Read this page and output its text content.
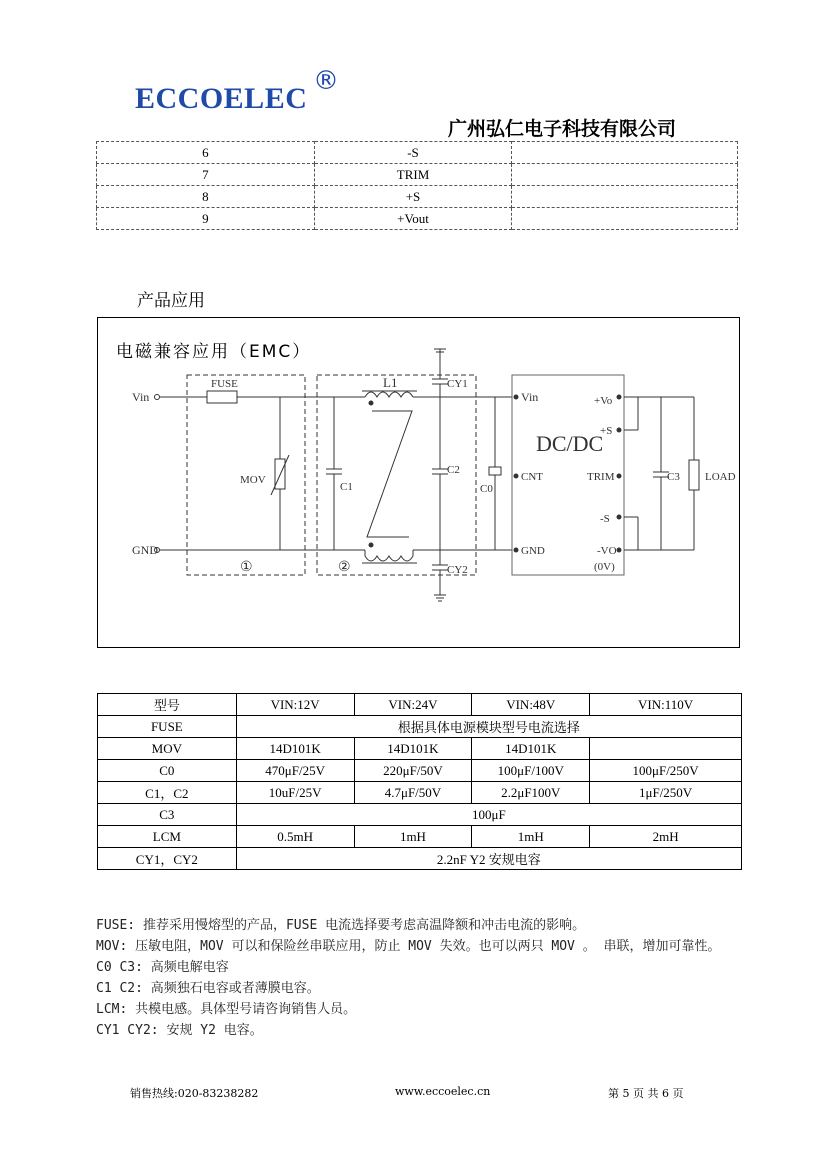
ECCOELEC
®
广州弘仁电子科技有限公司
6	-S	
7	TRIM	
8	+S	
9	+Vout	
产品应用
电磁兼容应用（EMC）
Vin
GND
FUSE
MOV
C1
L1	CY1
C2
CY2
C0
①	②
DC/DC
Vin
CNT
GND
+Vo
+S
TRIM
-S
-VO
(0V)
C3 LOAD
型号	VIN:12V	VIN:24V	VIN:48V	VIN:110V
FUSE	根据具体电源模块型号电流选择			
MOV	14D101K	14D101K	14D101K	
C0	470μF/25V	220μF/50V	100μF/100V	100μF/250V
C1，C2	10uF/25V	4.7μF/50V	2.2μF100V	1μF/250V
C3	100μF			
LCM	0.5mH	1mH	1mH	2mH
CY1，CY2	2.2nF Y2 安规电容			

FUSE: 推荐采用慢熔型的产品，FUSE 电流选择要考虑高温降额和冲击电流的影响。

MOV: 压敏电阻，MOV 可以和保险丝串联应用，防止 MOV 失效。也可以两只 MOV 。 串联，增加可靠性。

C0 C3: 高频电解电容

C1 C2: 高频独石电容或者薄膜电容。

LCM: 共模电感。具体型号请咨询销售人员。

CY1 CY2: 安规 Y2 电容。

销售热线:020-83238282	www.eccoelec.cn	第 5 页 共 6 页
